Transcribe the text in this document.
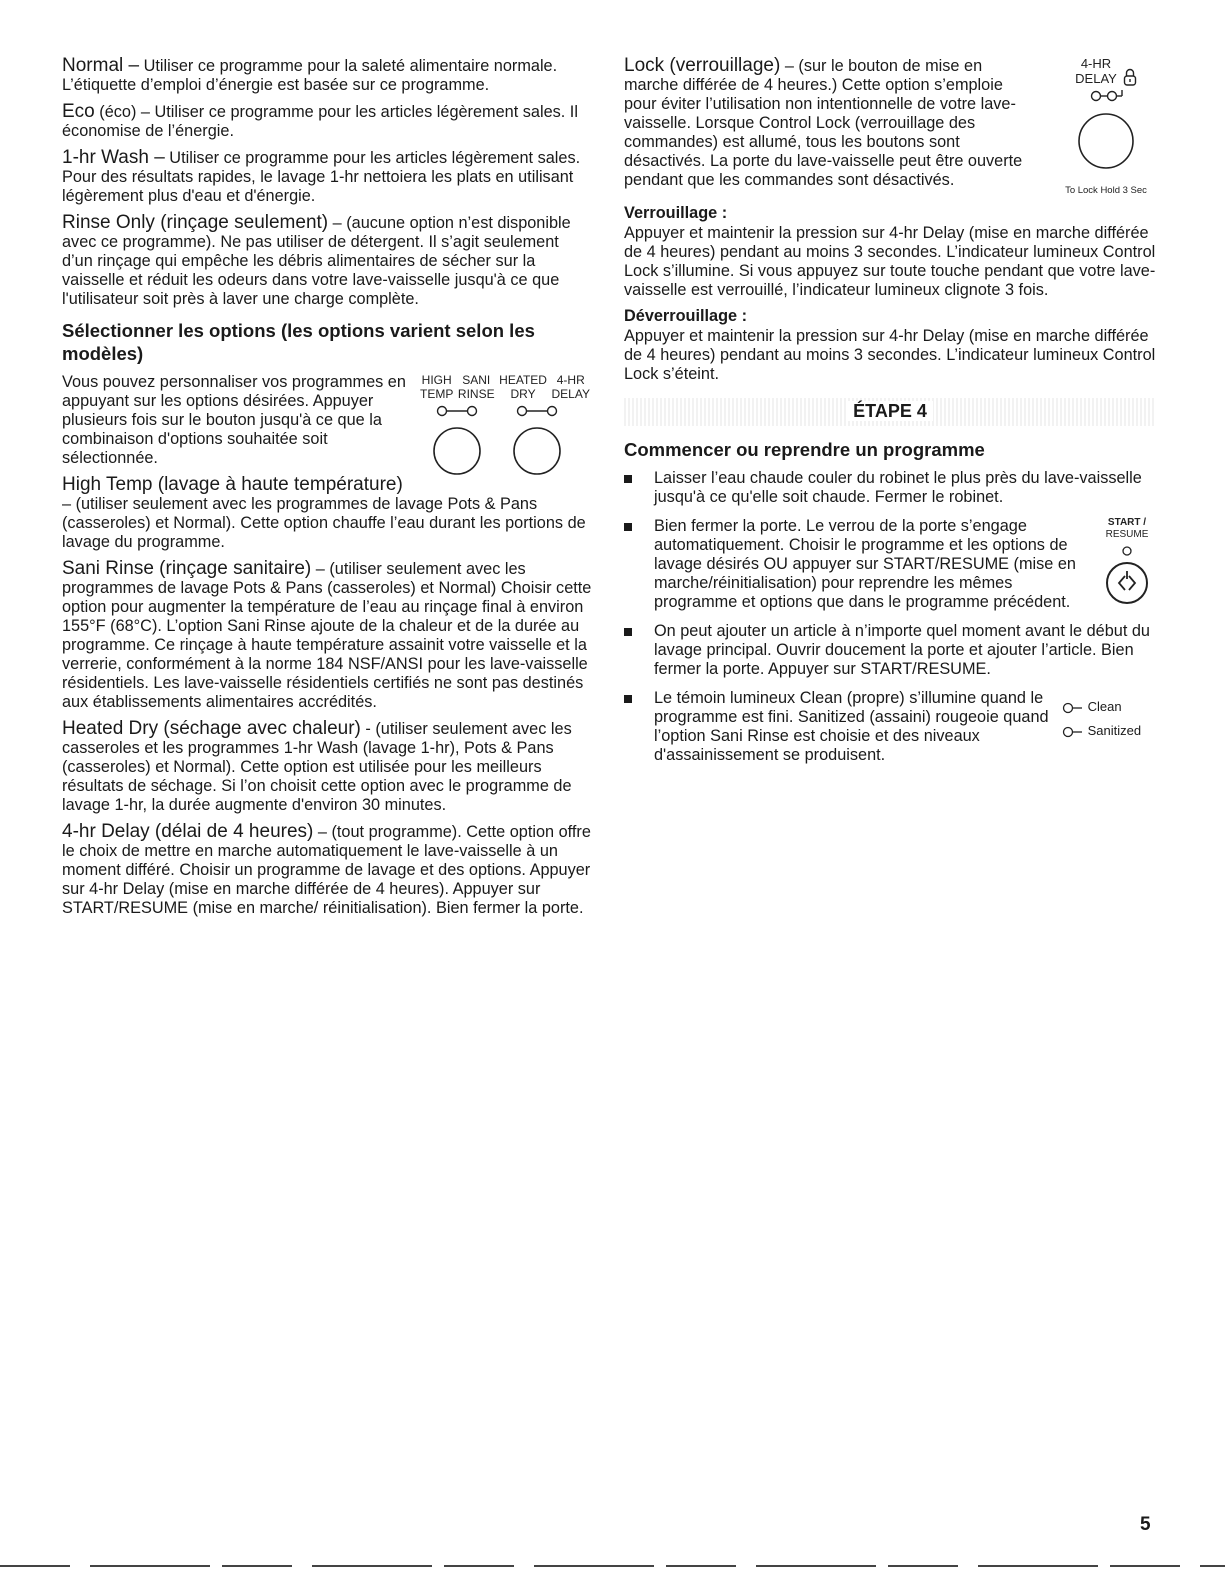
Normal – Utiliser ce programme pour la saleté alimentaire normale. L’étiquette d’emploi d’énergie est basée sur ce programme.

Eco (éco) – Utiliser ce programme pour les articles légèrement sales. Il économise de l’énergie.

1-hr Wash – Utiliser ce programme pour les articles légèrement sales. Pour des résultats rapides, le lavage 1-hr nettoiera les plats en utilisant légèrement plus d'eau et d'énergie.

Rinse Only (rinçage seulement) – (aucune option n’est disponible avec ce programme). Ne pas utiliser de détergent. Il s’agit seulement d’un rinçage qui empêche les débris alimentaires de sécher sur la vaisselle et réduit les odeurs dans votre lave-vaisselle jusqu'à ce que l'utilisateur soit près à laver une charge complète.

Sélectionner les options (les options varient selon les modèles)
HIGH
TEMP
SANI
RINSE
HEATED
DRY
4-HR
DELAY

Vous pouvez personnaliser vos programmes en appuyant sur les options désirées. Appuyer plusieurs fois sur le bouton jusqu'à ce que la combinaison d'options souhaitée soit sélectionnée.

High Temp (lavage à haute température) – (utiliser seulement avec les programmes de lavage Pots & Pans (casseroles) et Normal). Cette option chauffe l’eau durant les portions de lavage du programme.

Sani Rinse (rinçage sanitaire) – (utiliser seulement avec les programmes de lavage Pots & Pans (casseroles) et Normal) Choisir cette option pour augmenter la température de l’eau au rinçage final à environ 155°F (68°C). L’option Sani Rinse ajoute de la chaleur et de la durée au programme. Ce rinçage à haute température assainit votre vaisselle et la verrerie, conformément à la norme 184 NSF/ANSI pour les lave-vaisselle résidentiels. Les lave-vaisselle résidentiels certifiés ne sont pas destinés aux établissements alimentaires accrédités.

Heated Dry (séchage avec chaleur) - (utiliser seulement avec les casseroles et les programmes 1-hr Wash (lavage 1-hr), Pots & Pans (casseroles) et Normal). Cette option est utilisée pour les meilleurs résultats de séchage. Si l’on choisit cette option avec le programme de lavage 1-hr, la durée augmente d'environ 30 minutes.

4-hr Delay (délai de 4 heures) – (tout programme). Cette option offre le choix de mettre en marche automatiquement le lave-vaisselle à un moment différé. Choisir un programme de lavage et des options. Appuyer sur 4-hr Delay (mise en marche différée de 4 heures). Appuyer sur START/RESUME (mise en marche/ réinitialisation). Bien fermer la porte.

4-HR
DELAY
To Lock Hold 3 Sec

Lock (verrouillage) – (sur le bouton de mise en marche différée de 4 heures.) Cette option s’emploie pour éviter l’utilisation non intentionnelle de votre lave-vaisselle. Lorsque Control Lock (verrouillage des commandes) est allumé, tous les boutons sont désactivés. La porte du lave-vaisselle peut être ouverte pendant que les commandes sont désactivés.

Verrouillage :

Appuyer et maintenir la pression sur 4-hr Delay (mise en marche différée de 4 heures) pendant au moins 3 secondes. L’indicateur lumineux Control Lock s’illumine. Si vous appuyez sur toute touche pendant que votre lave-vaisselle est verrouillé, l’indicateur lumineux clignote 3 fois.

Déverrouillage :

Appuyer et maintenir la pression sur 4-hr Delay (mise en marche différée de 4 heures) pendant au moins 3 secondes. L’indicateur lumineux Control Lock s’éteint.

ÉTAPE 4
Commencer ou reprendre un programme
Laisser l’eau chaude couler du robinet le plus près du lave-vaisselle jusqu'à ce qu'elle soit chaude. Fermer le robinet.
START /
RESUME
Bien fermer la porte. Le verrou de la porte s’engage automatiquement. Choisir le programme et les options de lavage désirés OU appuyer sur START/RESUME (mise en marche/réinitialisation) pour reprendre les mêmes programme et options que dans le programme précédent.
On peut ajouter un article à n’importe quel moment avant le début du lavage principal. Ouvrir doucement la porte et ajouter l’article. Bien fermer la porte. Appuyer sur START/RESUME.
Clean
Sanitized
Le témoin lumineux Clean (propre) s’illumine quand le programme est fini. Sanitized (assaini) rougeoie quand l’option Sani Rinse est choisie et des niveaux d'assainissement se produisent.
5
